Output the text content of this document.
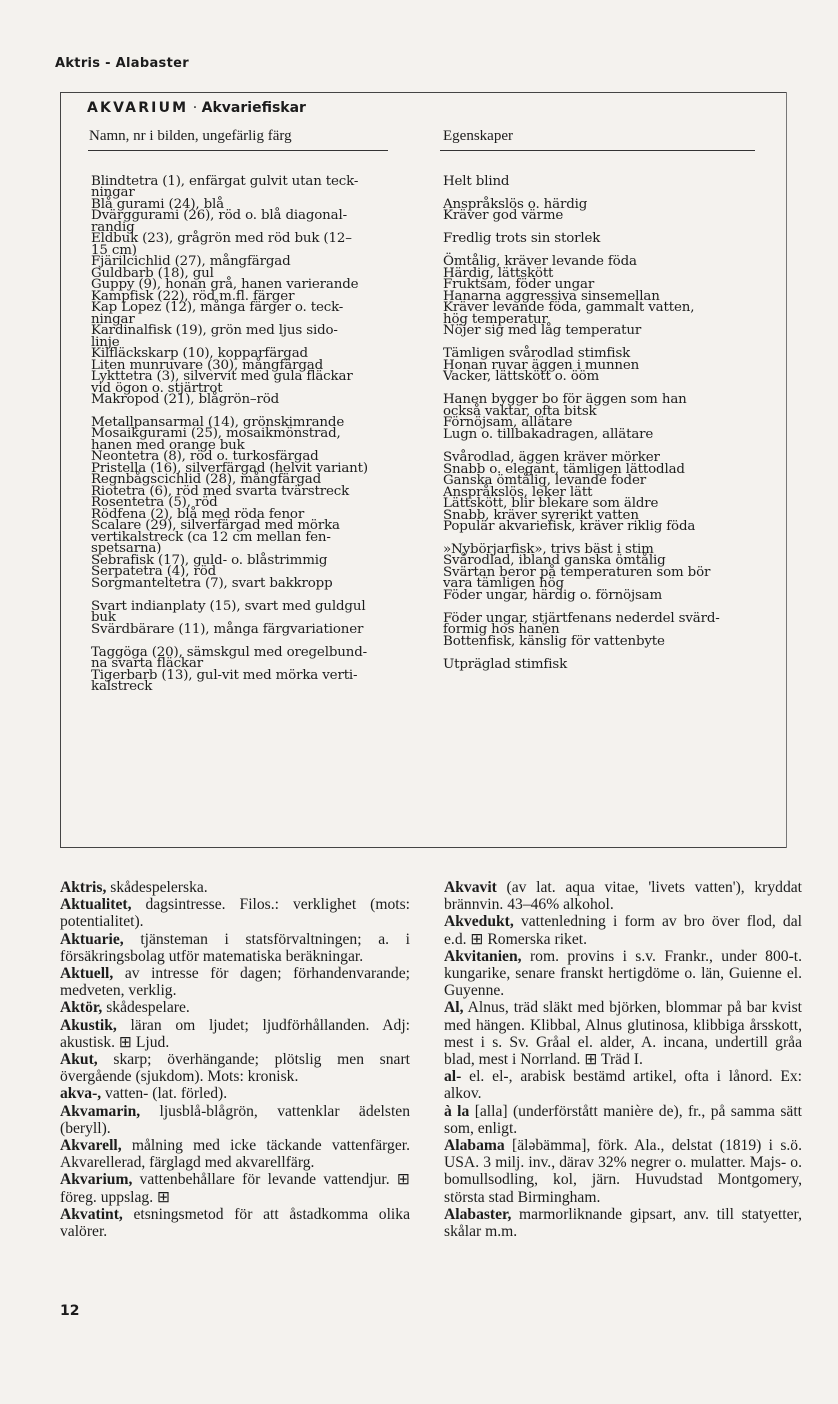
Aktris - Alabaster
AKVARIUM · Akvariefiskar
Namn, nr i bilden, ungefärlig färg	Egenskaper
Blindtetra (1), enfärgat gulvit utan teck-
ningar
Blå gurami (24), blå
Dvärggurami (26), röd o. blå diagonal-
randig
Eldbuk (23), grågrön med röd buk (12–
15 cm)
Fjärilcichlid (27), mångfärgad
Guldbarb (18), gul
Guppy (9), honan grå, hanen varierande
Kampfisk (22), röd m.fl. färger
Kap Lopez (12), många färger o. teck-
ningar
Kardinalfisk (19), grön med ljus sido-
linje
Kilfläckskarp (10), kopparfärgad
Liten munruvare (30), mångfärgad
Lykttetra (3), silvervit med gula fläckar
vid ögon o. stjärtrot
Makropod (21), blågrön–röd
Metallpansarmal (14), grönskimrande
Mosaikgurami (25), mosaikmönstrad,
hanen med orange buk
Neontetra (8), röd o. turkosfärgad
Pristella (16), silverfärgad (helvit variant)
Regnbågscichlid (28), mångfärgad
Riotetra (6), röd med svarta tvärstreck
Rosentetra (5), röd
Rödfena (2), blå med röda fenor
Scalare (29), silverfärgad med mörka
vertikalstreck (ca 12 cm mellan fen-
spetsarna)
Sebrafisk (17), guld- o. blåstrimmig
Serpatetra (4), röd
Sorgmanteltetra (7), svart bakkropp
Svart indianplaty (15), svart med guldgul
buk
Svärdbärare (11), många färgvariationer
Taggöga (20), sämskgul med oregelbund-
na svarta fläckar
Tigerbarb (13), gul-vit med mörka verti-
kalstreck
Helt blind
Anspråkslös o. härdig
Kräver god värme
Fredlig trots sin storlek
Ömtålig, kräver levande föda
Härdig, lättskött
Fruktsam, föder ungar
Hanarna aggressiva sinsemellan
Kräver levande föda, gammalt vatten,
hög temperatur
Nöjer sig med låg temperatur
Tämligen svårodlad stimfisk
Honan ruvar äggen i munnen
Vacker, lättskött o. ööm
Hanen bygger bo för äggen som han
också vaktar, ofta bitsk
Förnöjsam, allätare
Lugn o. tillbakadragen, allätare
Svårodlad, äggen kräver mörker
Snabb o. elegant, tämligen lättodlad
Ganska ömtålig, levande foder
Anspråkslös, leker lätt
Lättskött, blir blekare som äldre
Snabb, kräver syrerikt vatten
Populär akvariefisk, kräver riklig föda
»Nybörjarfisk», trivs bäst i stim
Svårodlad, ibland ganska ömtålig
Svärtan beror på temperaturen som bör
vara tämligen hög
Föder ungar, härdig o. förnöjsam
Föder ungar, stjärtfenans nederdel svärd-
formig hos hanen
Bottenfisk, känslig för vattenbyte
Utpräglad stimfisk

Aktris, skådespelerska.

Aktualitet, dagsintresse. Filos.: verklighet (mots: potentialitet).

Aktuarie, tjänsteman i statsförvaltningen; a. i försäkringsbolag utför matematiska beräkningar.

Aktuell, av intresse för dagen; förhandenvarande; medveten, verklig.

Aktör, skådespelare.

Akustik, läran om ljudet; ljudförhållanden. Adj: akustisk. ⊞ Ljud.

Akut, skarp; överhängande; plötslig men snart övergående (sjukdom). Mots: kronisk.

akva-, vatten- (lat. förled).

Akvamarin, ljusblå-blågrön, vattenklar ädelsten (beryll).

Akvarell, målning med icke täckande vattenfärger. Akvarellerad, färglagd med akvarellfärg.

Akvarium, vattenbehållare för levande vattendjur. ⊞ föreg. uppslag. ⊞

Akvatint, etsningsmetod för att åstadkomma olika valörer.

Akvavit (av lat. aqua vitae, 'livets vatten'), kryddat brännvin. 43–46% alkohol.

Akvedukt, vattenledning i form av bro över flod, dal e.d. ⊞ Romerska riket.

Akvitanien, rom. provins i s.v. Frankr., under 800-t. kungarike, senare franskt hertigdöme o. län, Guienne el. Guyenne.

Al, Alnus, träd släkt med björken, blommar på bar kvist med hängen. Klibbal, Alnus glutinosa, klibbiga årsskott, mest i s. Sv. Gråal el. alder, A. incana, undertill gråa blad, mest i Norrland. ⊞ Träd I.

al- el. el-, arabisk bestämd artikel, ofta i lånord. Ex: alkov.

à la [alla] (underförstått manière de), fr., på samma sätt som, enligt.

Alabama [äləbämma], förk. Ala., delstat (1819) i s.ö. USA. 3 milj. inv., därav 32% negrer o. mulatter. Majs- o. bomullsodling, kol, järn. Huvudstad Montgomery, största stad Birmingham.

Alabaster, marmorliknande gipsart, anv. till statyetter, skålar m.m.

12
